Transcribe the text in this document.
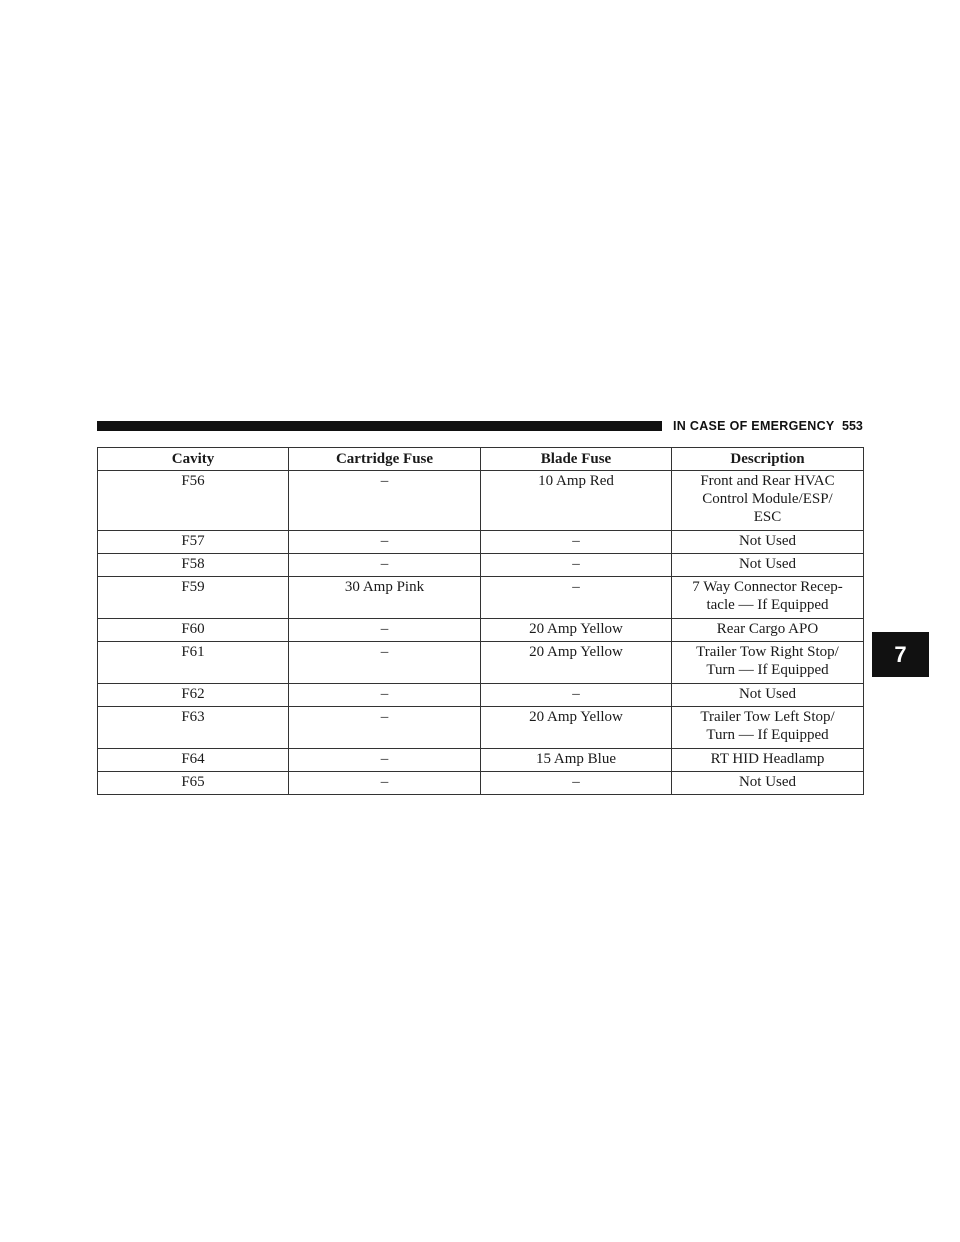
IN CASE OF EMERGENCY 553
7
Cavity	Cartridge Fuse	Blade Fuse	Description
F56	–	10 Amp Red	Front and Rear HVAC
Control Module/ESP/
ESC

F57	–	–	Not Used

F58	–	–	Not Used

F59	30 Amp Pink	–	7 Way Connector Recep-
tacle — If Equipped

F60	–	20 Amp Yellow	Rear Cargo APO

F61	–	20 Amp Yellow	Trailer Tow Right Stop/
Turn — If Equipped

F62	–	–	Not Used

F63	–	20 Amp Yellow	Trailer Tow Left Stop/
Turn — If Equipped

F64	–	15 Amp Blue	RT HID Headlamp

F65	–	–	Not Used
